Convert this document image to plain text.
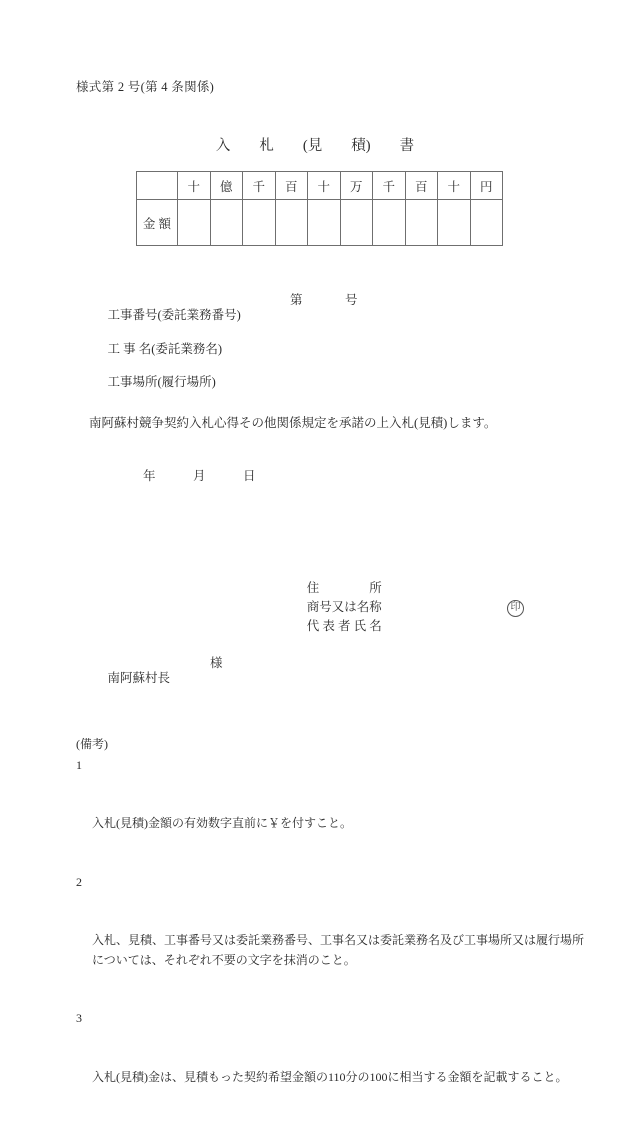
様式第 2 号(第 4 条関係)
入　　札　　(見　　積)　　書
	十	億	千	百	十	万	千	百	十	円
金 額										

工事番号(委託業務番号)

第

	号

工 事 名(委託業務名)

工事場所(履行場所)

南阿蘇村競争契約入札心得その他関係規定を承諾の上入札(見積)します。
年　　　月　　　日

住　　　　所

商号又は名称

代 表 者 氏 名

印

南阿蘇村長

様

(備考)

1

入札(見積)金額の有効数字直前に￥を付すこと。

2

入札、見積、工事番号又は委託業務番号、工事名又は委託業務名及び工事場所又は履行場所については、それぞれ不要の文字を抹消のこと。

3

入札(見積)金は、見積もった契約希望金額の110分の100に相当する金額を記載すること。
